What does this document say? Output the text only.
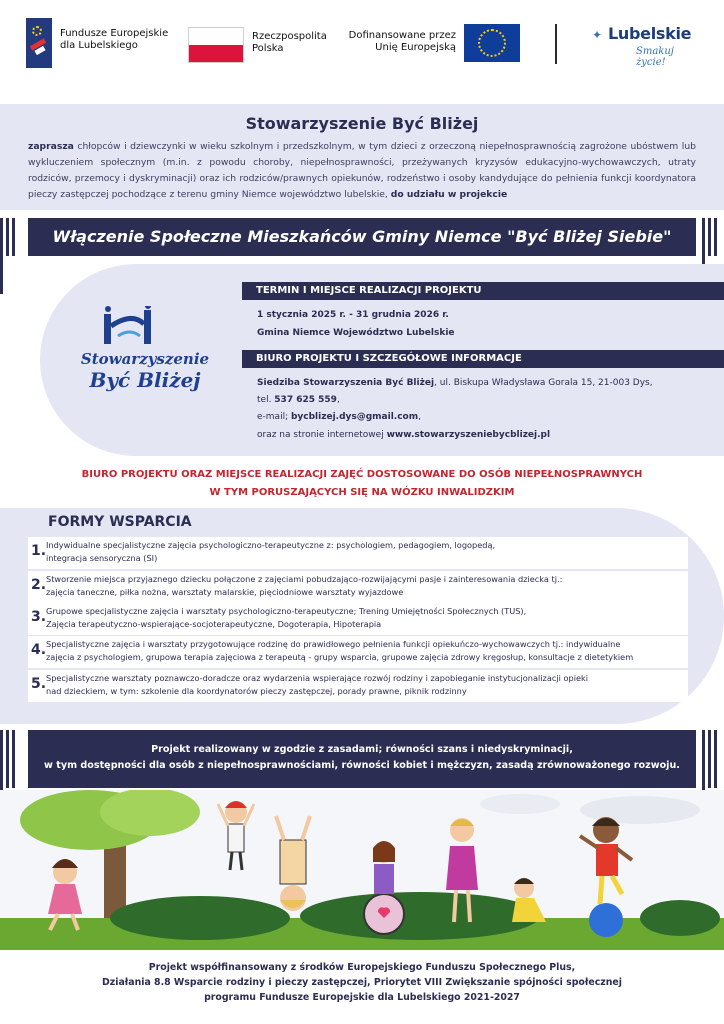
Fundusze Europejskie dla Lubelskiego
Rzeczpospolita Polska
Dofinansowane przez Unię Europejską
✦ Lubelskie
Smakuj życie!
Stowarzyszenie Być Bliżej

zaprasza chłopców i dziewczynki w wieku szkolnym i przedszkolnym, w tym dzieci z orzeczoną niepełnosprawnością zagrożone ubóstwem lub wykluczeniem społecznym (m.in. z powodu choroby, niepełnosprawności, przeżywanych kryzysów edukacyjno-wychowawczych, utraty rodziców, przemocy i dyskryminacji) oraz ich rodziców/prawnych opiekunów, rodzeństwo i osoby kandydujące do pełnienia funkcji koordynatora pieczy zastępczej pochodzące z terenu gminy Niemce województwo lubelskie, do udziału w projekcie

Włączenie Społeczne Mieszkańców Gminy Niemce "Być Bliżej Siebie"
Stowarzyszenie
Być Bliżej
TERMIN I MIEJSCE REALIZACJI PROJEKTU
1 stycznia 2025 r. - 31 grudnia 2026 r.
Gmina Niemce Województwo Lubelskie
BIURO PROJEKTU I SZCZEGÓŁOWE INFORMACJE
Siedziba Stowarzyszenia Być Bliżej, ul. Biskupa Władysława Gorala 15, 21-003 Dys,
tel. 537 625 559,
e-mail; bycblizej.dys@gmail.com,
oraz na stronie internetowej www.stowarzyszeniebycblizej.pl
BIURO PROJEKTU ORAZ MIEJSCE REALIZACJI ZAJĘĆ DOSTOSOWANE DO OSÓB NIEPEŁNOSPRAWNYCH
W TYM PORUSZAJĄCYCH SIĘ NA WÓZKU INWALIDZKIM
FORMY WSPARCIA
1. Indywidualne specjalistyczne zajęcia psychologiczno-terapeutyczne z: psychologiem, pedagogiem, logopedą,
integracja sensoryczna (SI)
2. Stworzenie miejsca przyjaznego dziecku połączone z zajęciami pobudzająco-rozwijającymi pasje i zainteresowania dziecka tj.:
zajęcia taneczne, piłka nożna, warsztaty malarskie, pięciodniowe warsztaty wyjazdowe
3. Grupowe specjalistyczne zajęcia i warsztaty psychologiczno-terapeutyczne; Trening Umiejętności Społecznych (TUS),
Zajęcia terapeutyczno-wspierające-socjoterapeutyczne, Dogoterapia, Hipoterapia
4. Specjalistyczne zajęcia i warsztaty przygotowujące rodzinę do prawidłowego pełnienia funkcji opiekuńczo-wychowawczych tj.: indywidualne
zajęcia z psychologiem, grupowa terapia zajęciowa z terapeutą - grupy wsparcia, grupowe zajęcia zdrowy kręgosłup, konsultacje z dietetykiem
5. Specjalistyczne warsztaty poznawczo-doradcze oraz wydarzenia wspierające rozwój rodziny i zapobieganie instytucjonalizacji opieki
nad dzieckiem, w tym: szkolenie dla koordynatorów pieczy zastępczej, porady prawne, piknik rodzinny
Projekt realizowany w zgodzie z zasadami; równości szans i niedyskryminacji,
w tym dostępności dla osób z niepełnosprawnościami, równości kobiet i mężczyzn, zasadą zrównoważonego rozwoju.
Projekt współfinansowany z środków Europejskiego Funduszu Społecznego Plus,
Działania 8.8 Wsparcie rodziny i pieczy zastępczej, Priorytet VIII Zwiększanie spójności społecznej
programu Fundusze Europejskie dla Lubelskiego 2021-2027
